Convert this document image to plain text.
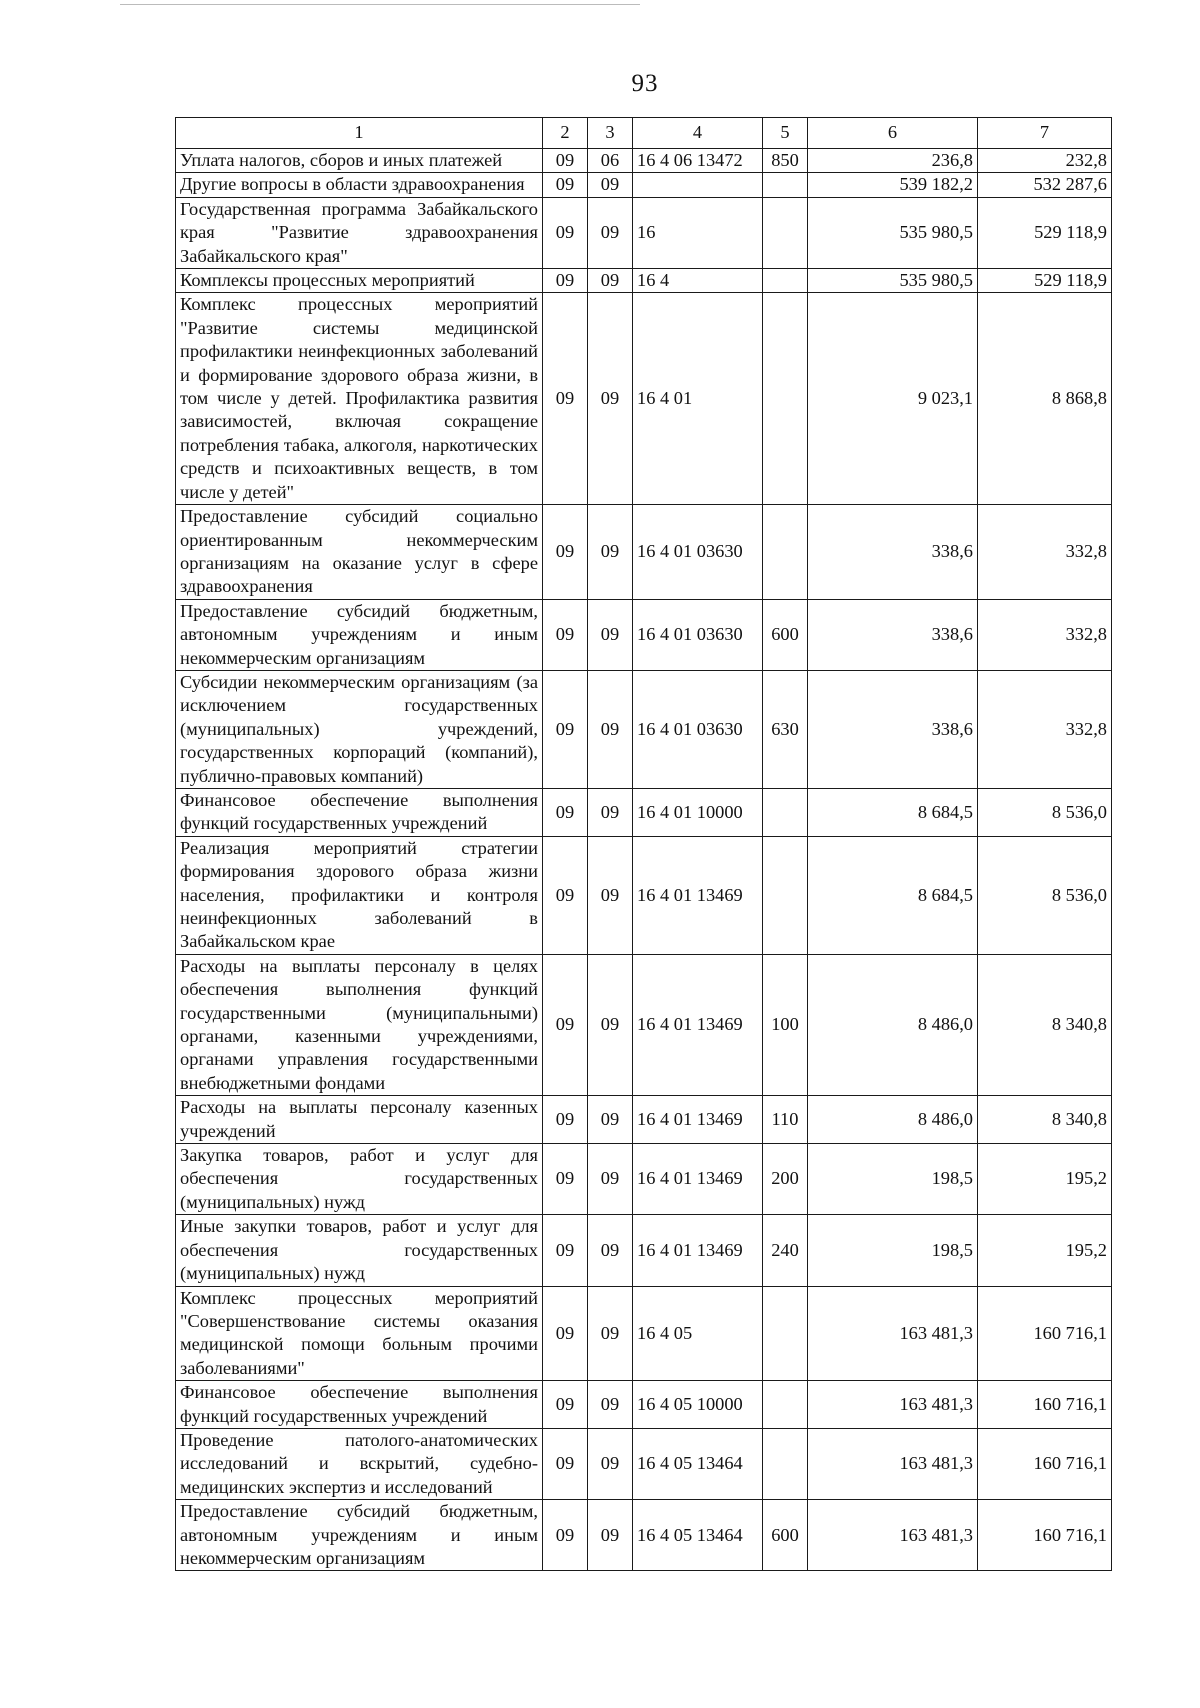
93
1	2	3	4	5	6	7
Уплата налогов, сборов и иных платежей	09	06	16 4 06 13472	850	236,8	232,8
Другие вопросы в области здравоохранения	09	09			539 182,2	532 287,6
Государственная программа Забайкальского края "Развитие здравоохранения Забайкальского края"	09	09	16		535 980,5	529 118,9
Комплексы процессных мероприятий	09	09	16 4		535 980,5	529 118,9
Комплекс процессных мероприятий "Развитие системы медицинской профилактики неинфекционных заболеваний и формирование здорового образа жизни, в том числе у детей. Профилактика развития зависимостей, включая сокращение потребления табака, алкоголя, наркотических средств и психоактивных веществ, в том числе у детей"	09	09	16 4 01		9 023,1	8 868,8
Предоставление субсидий социально ориентированным некоммерческим организациям на оказание услуг в сфере здравоохранения	09	09	16 4 01 03630		338,6	332,8
Предоставление субсидий бюджетным, автономным учреждениям и иным некоммерческим организациям	09	09	16 4 01 03630	600	338,6	332,8
Субсидии некоммерческим организациям (за исключением государственных (муниципальных) учреждений, государственных корпораций (компаний), публично-правовых компаний)	09	09	16 4 01 03630	630	338,6	332,8
Финансовое обеспечение выполнения функций государственных учреждений	09	09	16 4 01 10000		8 684,5	8 536,0
Реализация мероприятий стратегии формирования здорового образа жизни населения, профилактики и контроля неинфекционных заболеваний в Забайкальском крае	09	09	16 4 01 13469		8 684,5	8 536,0
Расходы на выплаты персоналу в целях обеспечения выполнения функций государственными (муниципальными) органами, казенными учреждениями, органами управления государственными внебюджетными фондами	09	09	16 4 01 13469	100	8 486,0	8 340,8
Расходы на выплаты персоналу казенных учреждений	09	09	16 4 01 13469	110	8 486,0	8 340,8
Закупка товаров, работ и услуг для обеспечения государственных (муниципальных) нужд	09	09	16 4 01 13469	200	198,5	195,2
Иные закупки товаров, работ и услуг для обеспечения государственных (муниципальных) нужд	09	09	16 4 01 13469	240	198,5	195,2
Комплекс процессных мероприятий "Совершенствование системы оказания медицинской помощи больным прочими заболеваниями"	09	09	16 4 05		163 481,3	160 716,1
Финансовое обеспечение выполнения функций государственных учреждений	09	09	16 4 05 10000		163 481,3	160 716,1
Проведение патолого-анатомических исследований и вскрытий, судебно-медицинских экспертиз и исследований	09	09	16 4 05 13464		163 481,3	160 716,1
Предоставление субсидий бюджетным, автономным учреждениям и иным некоммерческим организациям	09	09	16 4 05 13464	600	163 481,3	160 716,1
